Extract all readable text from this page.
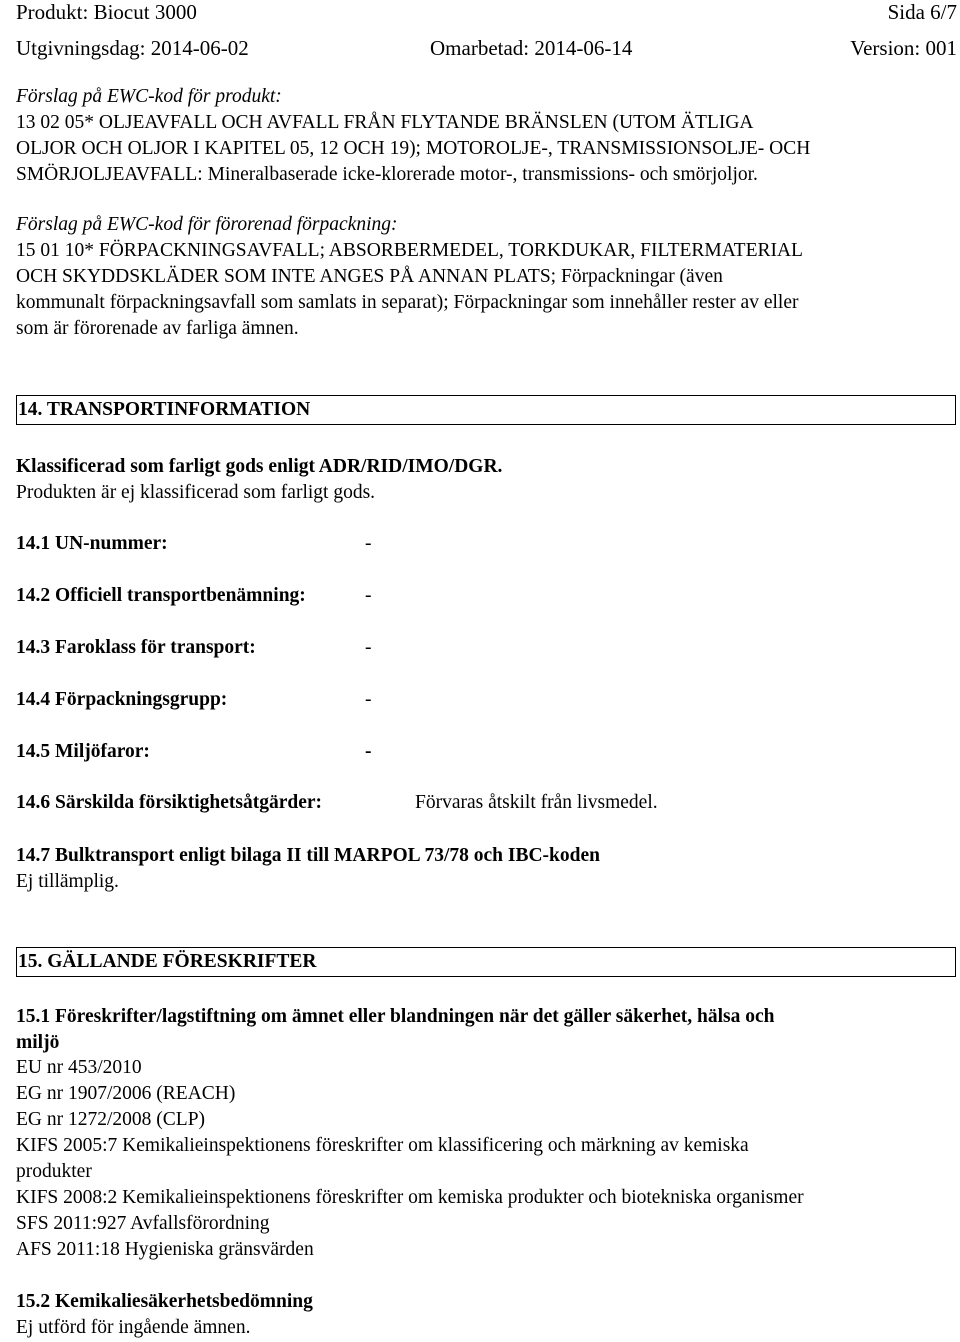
Produkt: Biocut 3000	Sida 6/7
Utgivningsdag: 2014-06-02	Omarbetad: 2014-06-14	Version: 001
Förslag på EWC-kod för produkt:
13 02 05* OLJEAVFALL OCH AVFALL FRÅN FLYTANDE BRÄNSLEN (UTOM ÄTLIGA
OLJOR OCH OLJOR I KAPITEL 05, 12 OCH 19); MOTOROLJE-, TRANSMISSIONSOLJE- OCH
SMÖRJOLJEAVFALL: Mineralbaserade icke-klorerade motor-, transmissions- och smörjoljor.
Förslag på EWC-kod för förorenad förpackning:
15 01 10* FÖRPACKNINGSAVFALL; ABSORBERMEDEL, TORKDUKAR, FILTERMATERIAL
OCH SKYDDSKLÄDER SOM INTE ANGES PÅ ANNAN PLATS; Förpackningar (även
kommunalt förpackningsavfall som samlats in separat); Förpackningar som innehåller rester av eller
som är förorenade av farliga ämnen.
14. TRANSPORTINFORMATION
Klassificerad som farligt gods enligt ADR/RID/IMO/DGR.
Produkten är ej klassificerad som farligt gods.
14.1 UN-nummer:	-
14.2 Officiell transportbenämning:	-
14.3 Faroklass för transport:	-
14.4 Förpackningsgrupp:	-
14.5 Miljöfaror:	-
14.6 Särskilda försiktighetsåtgärder:	Förvaras åtskilt från livsmedel.
14.7 Bulktransport enligt bilaga II till MARPOL 73/78 och IBC-koden
Ej tillämplig.
15. GÄLLANDE FÖRESKRIFTER
15.1 Föreskrifter/lagstiftning om ämnet eller blandningen när det gäller säkerhet, hälsa och
miljö
EU nr 453/2010
EG nr 1907/2006 (REACH)
EG nr 1272/2008 (CLP)
KIFS 2005:7 Kemikalieinspektionens föreskrifter om klassificering och märkning av kemiska
produkter
KIFS 2008:2 Kemikalieinspektionens föreskrifter om kemiska produkter och biotekniska organismer
SFS 2011:927 Avfallsförordning
AFS 2011:18 Hygieniska gränsvärden
15.2 Kemikaliesäkerhetsbedömning
Ej utförd för ingående ämnen.
